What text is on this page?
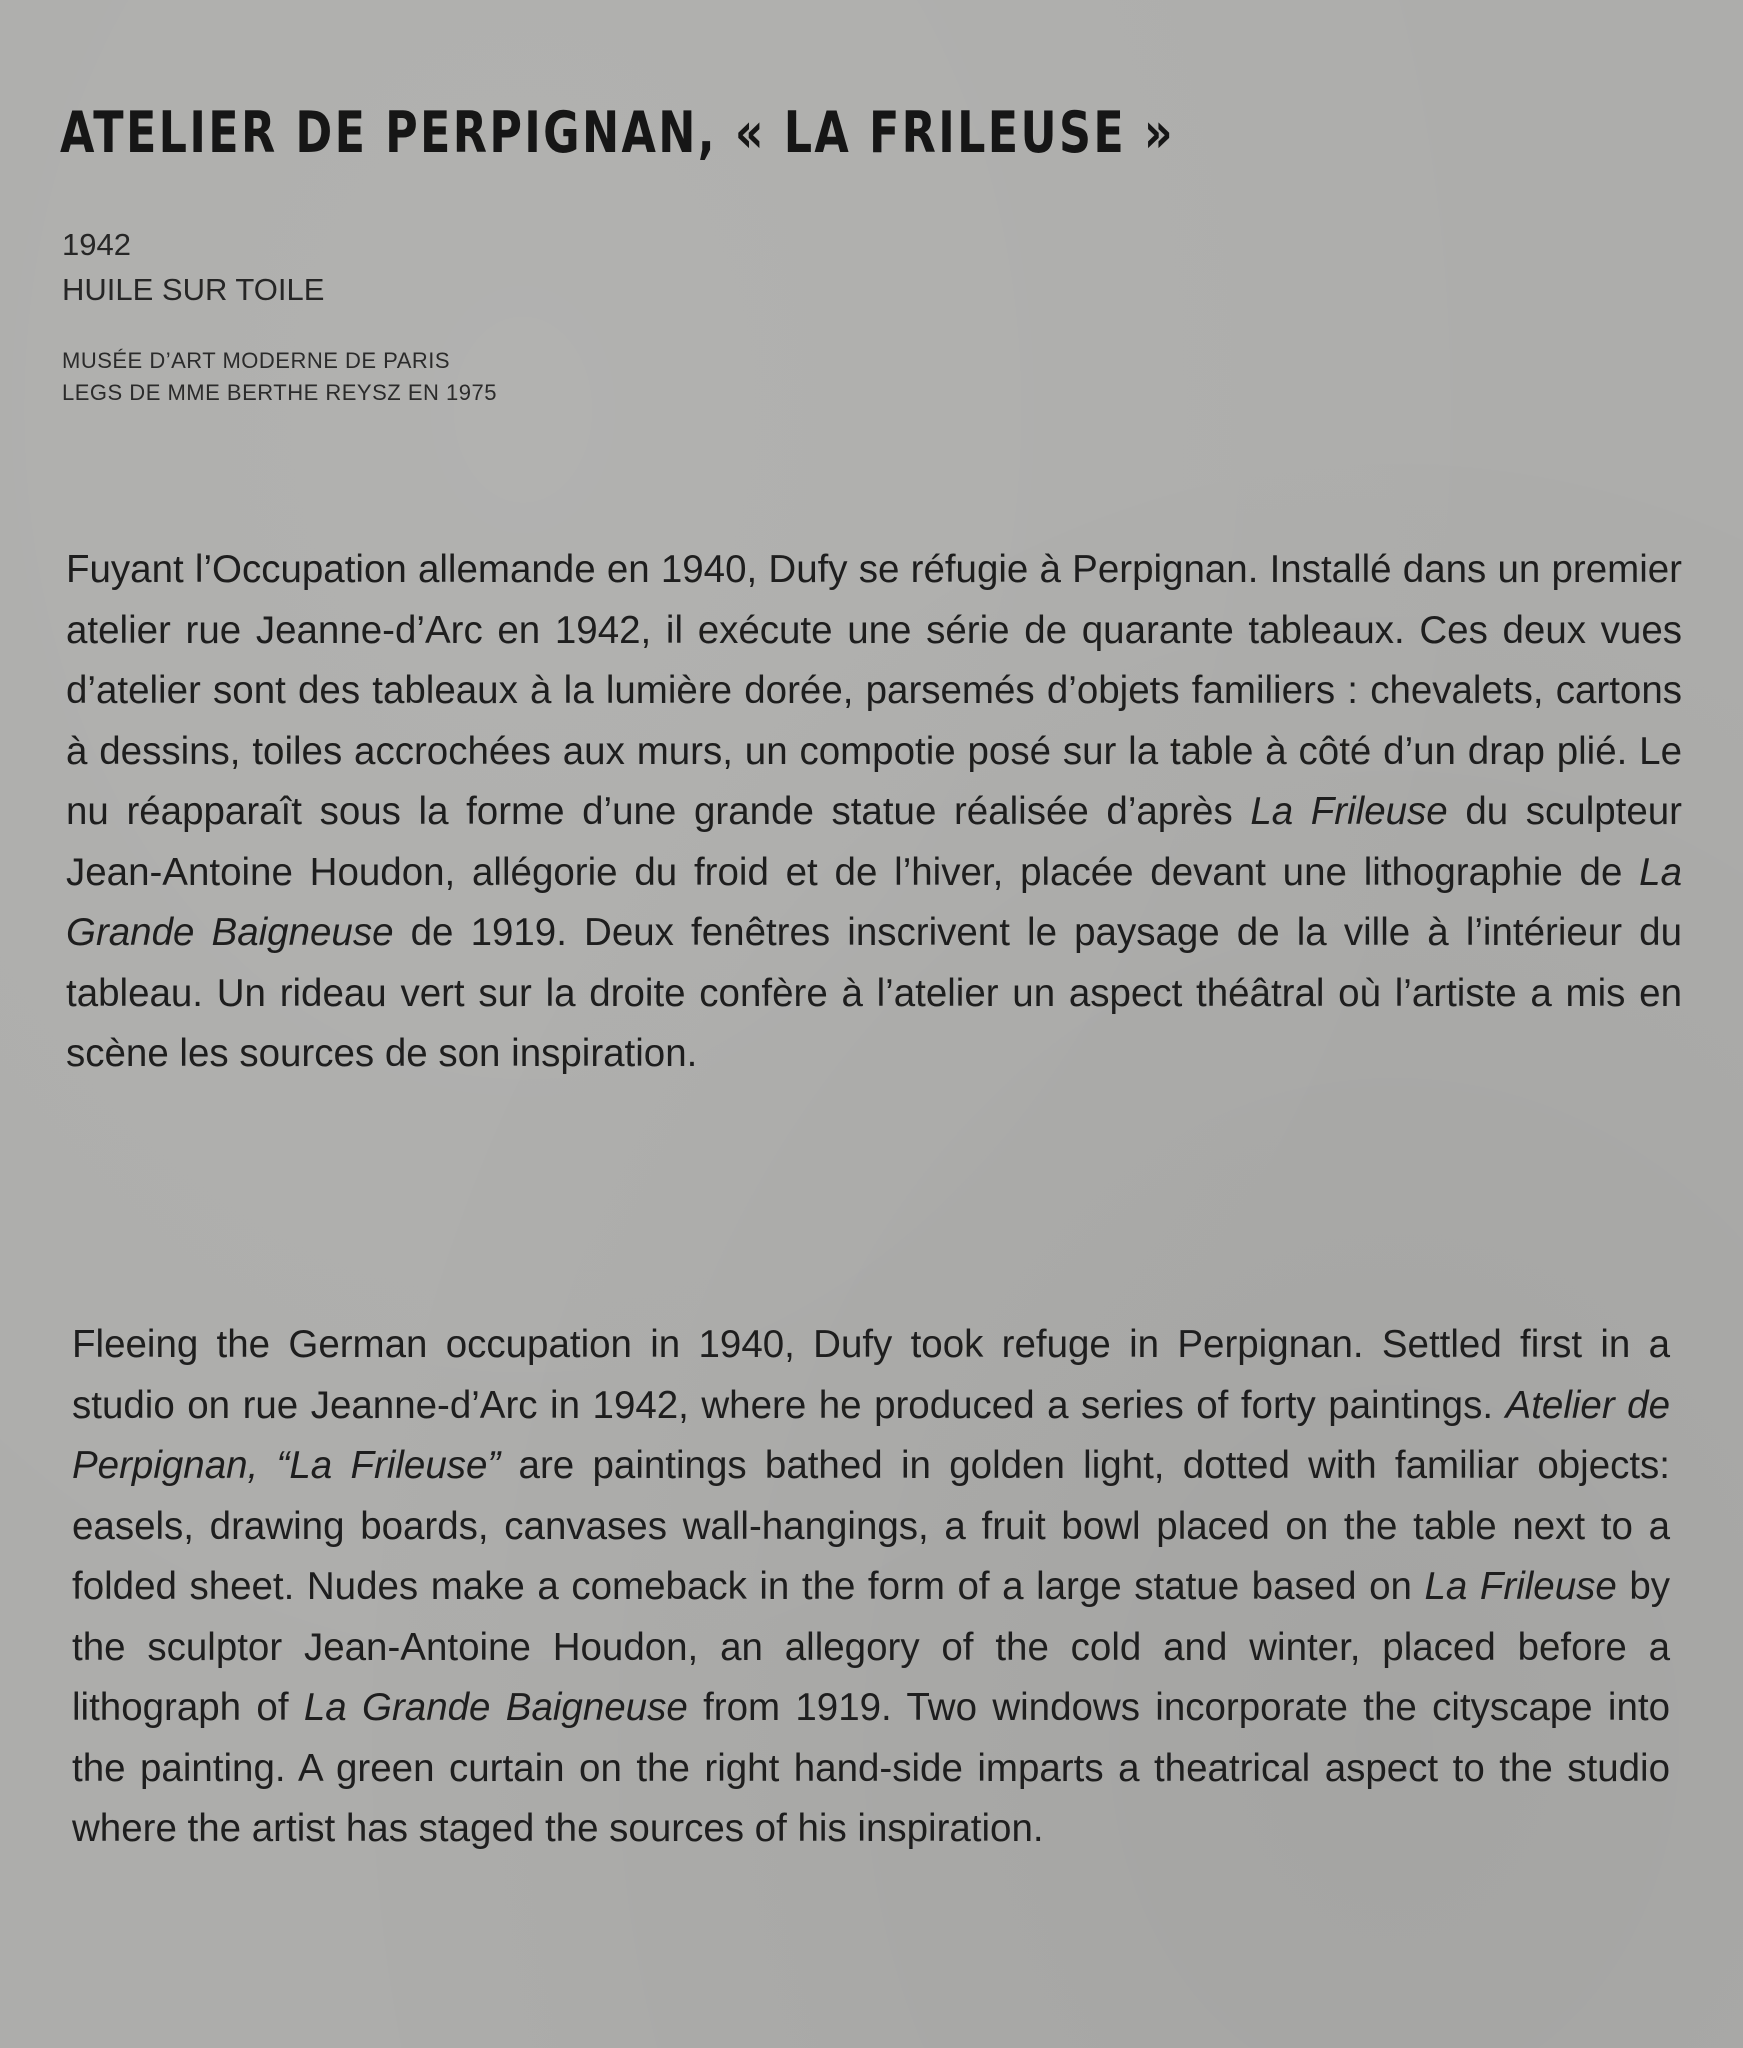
ATELIER DE PERPIGNAN, « LA FRILEUSE »
1942
HUILE SUR TOILE
MUSÉE D’ART MODERNE DE PARIS
LEGS DE MME BERTHE REYSZ EN 1975

Fuyant l’Occupation allemande en 1940, Dufy se réfugie à Perpignan. Installé dans un premier atelier rue Jeanne-d’Arc en 1942, il exécute une série de quarante tableaux. Ces deux vues d’atelier sont des tableaux à la lumière dorée, parsemés d’objets familiers : chevalets, cartons à dessins, toiles accrochées aux murs, un compotie posé sur la table à côté d’un drap plié. Le nu réapparaît sous la forme d’une grande statue réalisée d’après La Frileuse du sculpteur Jean-Antoine Houdon, allégorie du froid et de l’hiver, placée devant une lithographie de La Grande Baigneuse de 1919. Deux fenêtres inscrivent le paysage de la ville à l’intérieur du tableau. Un rideau vert sur la droite confère à l’atelier un aspect théâtral où l’artiste a mis en scène les sources de son inspiration.

Fleeing the German occupation in 1940, Dufy took refuge in Perpignan. Settled first in a studio on rue Jeanne-d’Arc in 1942, where he produced a series of forty paintings. Atelier de Perpignan, “La Frileuse” are paintings bathed in golden light, dotted with familiar objects: easels, drawing boards, canvases wall-hangings, a fruit bowl placed on the table next to a folded sheet. Nudes make a comeback in the form of a large statue based on La Frileuse by the sculptor Jean-Antoine Houdon, an allegory of the cold and winter, placed before a lithograph of La Grande Baigneuse from 1919. Two windows incorporate the cityscape into the painting. A green curtain on the right hand-side imparts a theatrical aspect to the studio where the artist has staged the sources of his inspiration.
